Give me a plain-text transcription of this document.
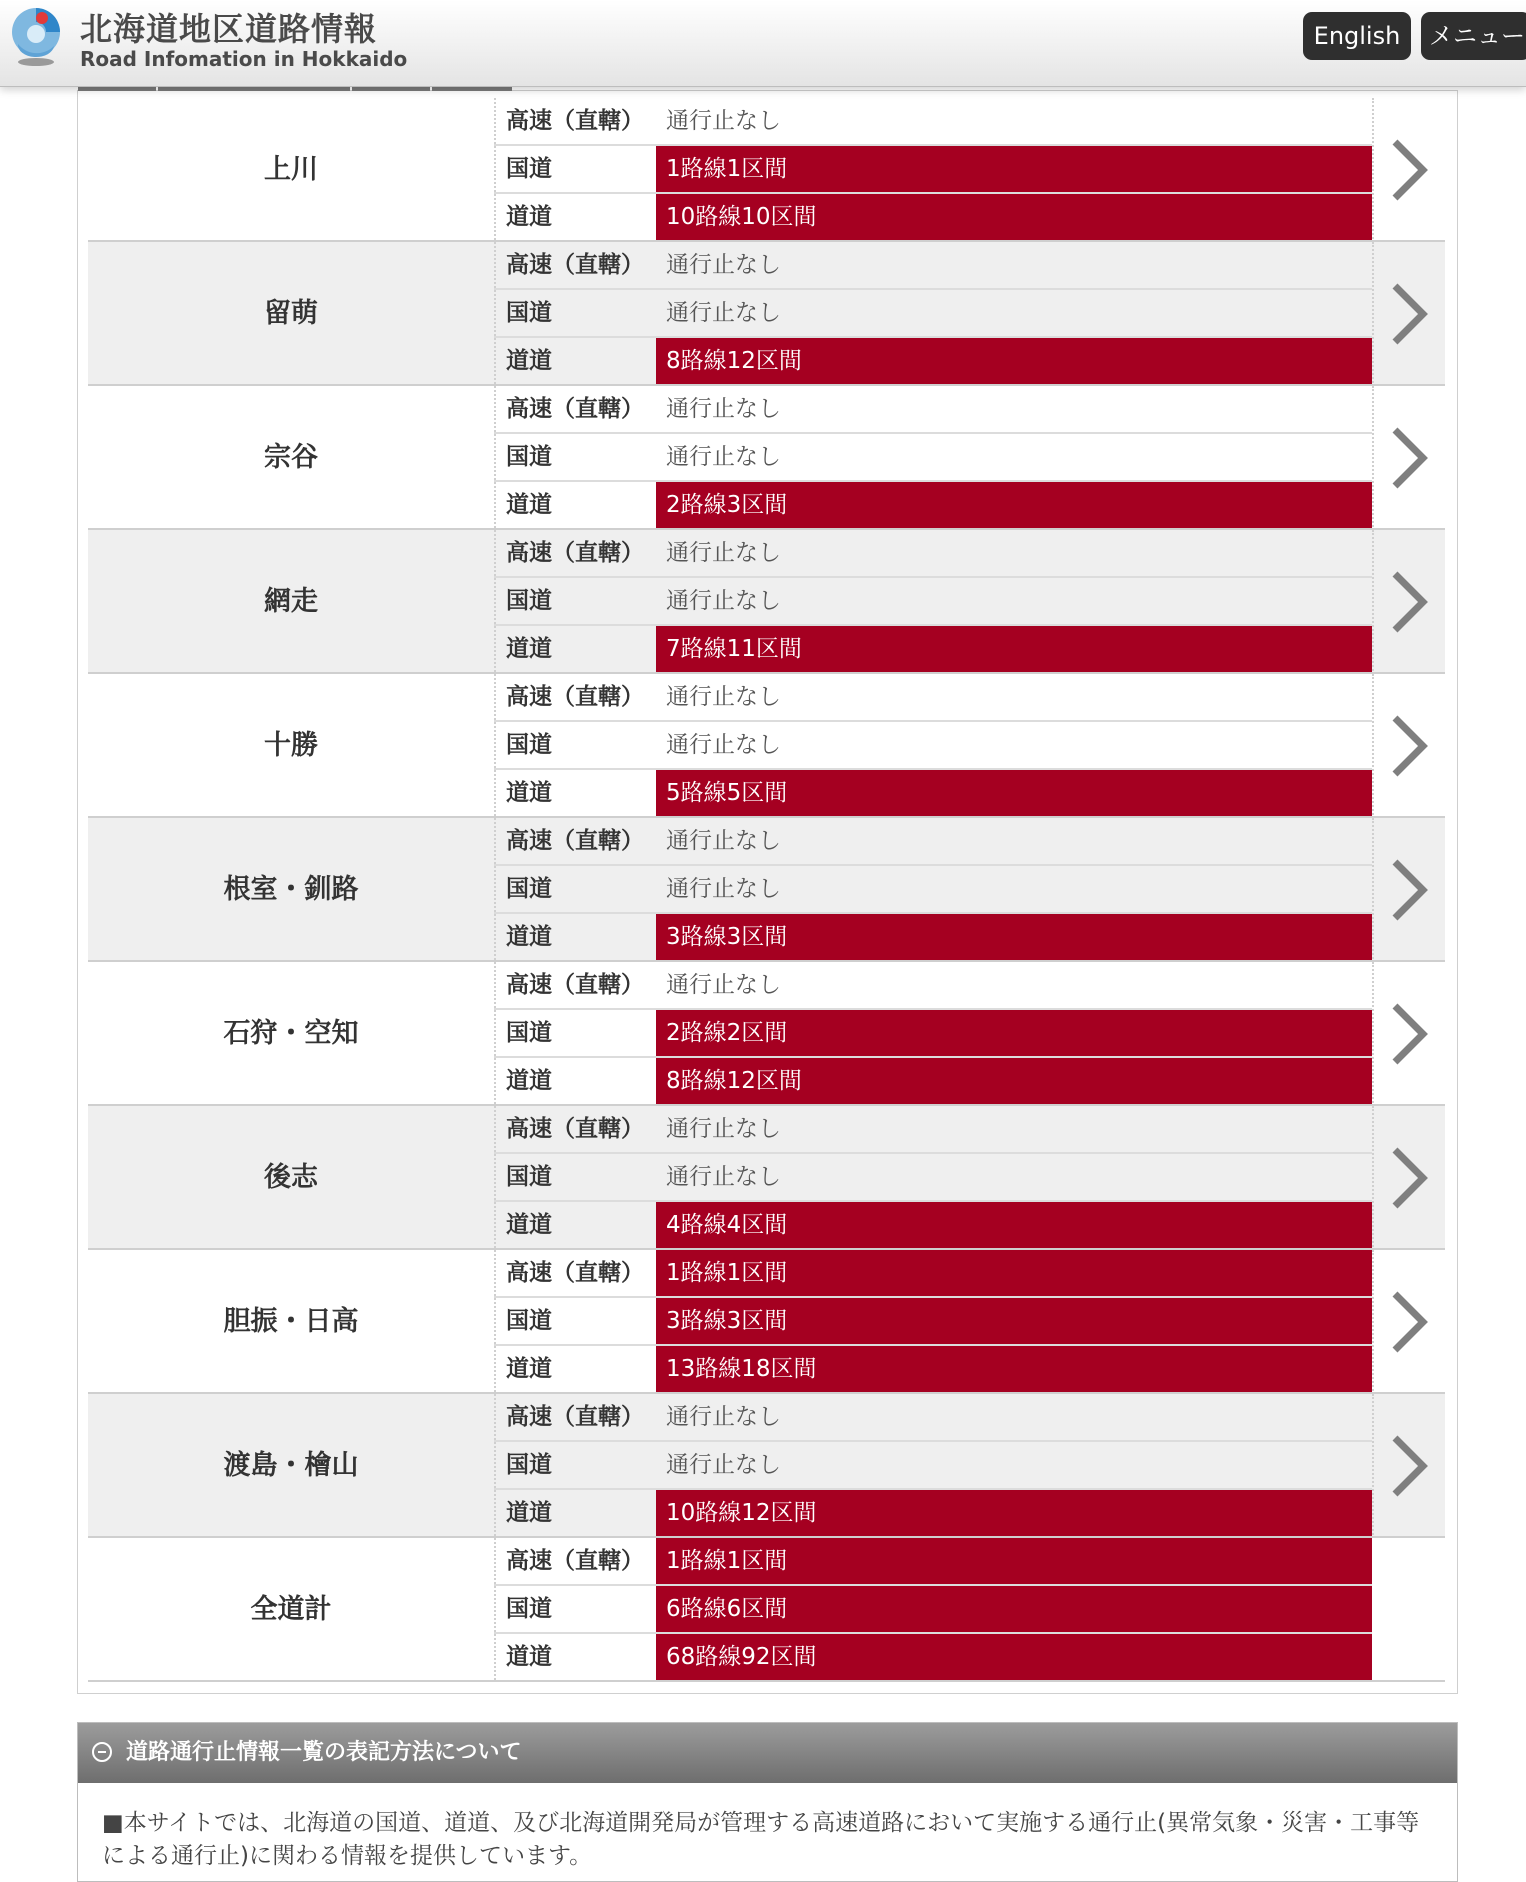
北海道地区道路情報
Road Infomation in Hokkaido
English	メニュー
上川
高速（直轄） 通行止なし
国道	1路線1区間
道道	10路線10区間
留萌
高速（直轄） 通行止なし
国道	通行止なし
道道	8路線12区間
宗谷
高速（直轄） 通行止なし
国道	通行止なし
道道	2路線3区間
網走
高速（直轄） 通行止なし
国道	通行止なし
道道	7路線11区間
十勝
高速（直轄） 通行止なし
国道	通行止なし
道道	5路線5区間
根室・釧路
高速（直轄） 通行止なし
国道	通行止なし
道道	3路線3区間
石狩・空知
高速（直轄） 通行止なし
国道	2路線2区間
道道	8路線12区間
後志
高速（直轄） 通行止なし
国道	通行止なし
道道	4路線4区間
胆振・日高
高速（直轄） 1路線1区間
国道	3路線3区間
道道	13路線18区間
渡島・檜山
高速（直轄） 通行止なし
国道	通行止なし
道道	10路線12区間
全道計
高速（直轄） 1路線1区間
国道	6路線6区間
道道	68路線92区間
道路通行止情報一覧の表記方法について
■本サイトでは、北海道の国道、道道、及び北海道開発局が管理する高速道路において実施する通行止(異常気象・災害・工事等による通行止)に関わる情報を提供しています。
